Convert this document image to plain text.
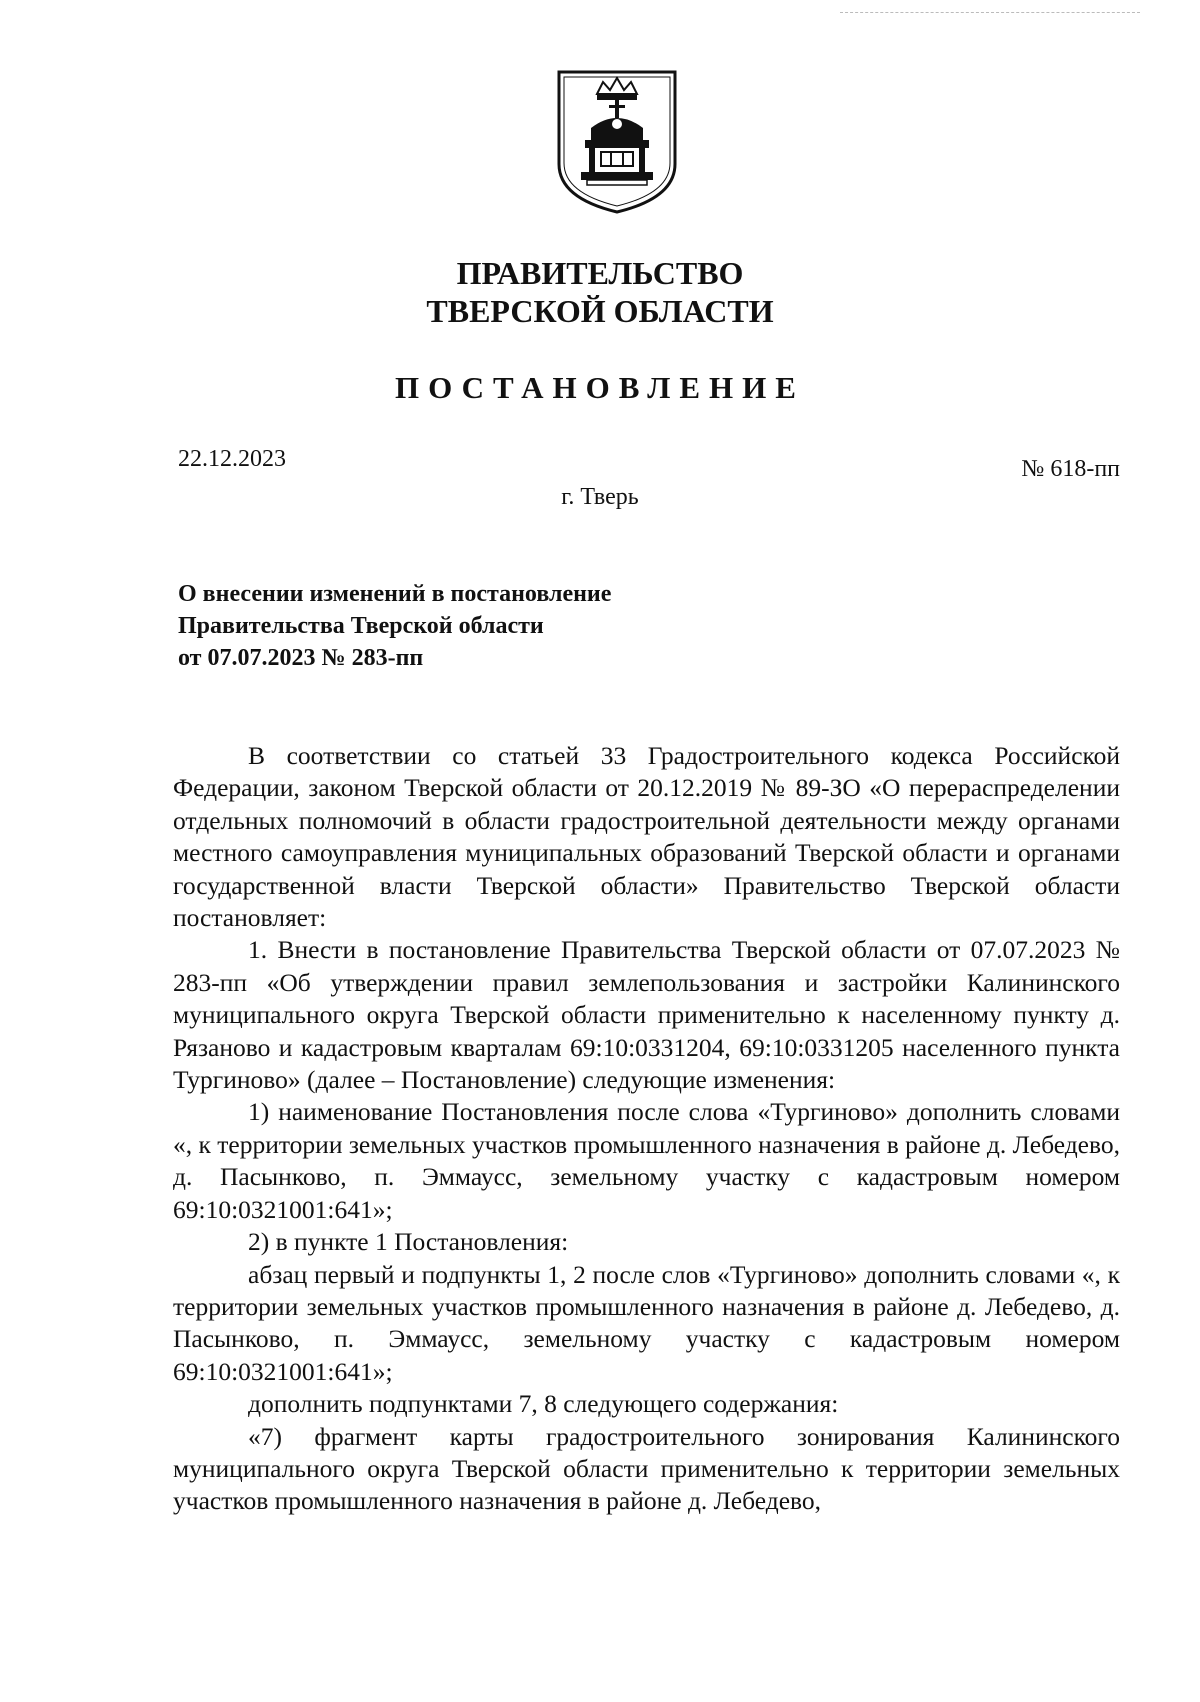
ПРАВИТЕЛЬСТВО
ТВЕРСКОЙ ОБЛАСТИ
ПОСТАНОВЛЕНИЕ
22.12.2023	№ 618-пп
г. Тверь
О внесении изменений в постановление
Правительства Тверской области
от 07.07.2023 № 283-пп

В соответствии со статьей 33 Градостроительного кодекса Российской Федерации, законом Тверской области от 20.12.2019 № 89-ЗО «О перераспределении отдельных полномочий в области градостроительной деятельности между органами местного самоуправления муниципальных образований Тверской области и органами государственной власти Тверской области» Правительство Тверской области постановляет:

1. Внести в постановление Правительства Тверской области от 07.07.2023 № 283-пп «Об утверждении правил землепользования и застройки Калининского муниципального округа Тверской области применительно к населенному пункту д. Рязаново и кадастровым кварталам 69:10:0331204, 69:10:0331205 населенного пункта Тургиново» (далее – Постановление) следующие изменения:

1) наименование Постановления после слова «Тургиново» дополнить словами «, к территории земельных участков промышленного назначения в районе д. Лебедево, д. Пасынково, п. Эммаусс, земельному участку с кадастровым номером 69:10:0321001:641»;

2) в пункте 1 Постановления:

абзац первый и подпункты 1, 2 после слов «Тургиново» дополнить словами «, к территории земельных участков промышленного назначения в районе д. Лебедево, д. Пасынково, п. Эммаусс, земельному участку с кадастровым номером 69:10:0321001:641»;

дополнить подпунктами 7, 8 следующего содержания:

«7) фрагмент карты градостроительного зонирования Калининского муниципального округа Тверской области применительно к территории земельных участков промышленного назначения в районе д. Лебедево,
